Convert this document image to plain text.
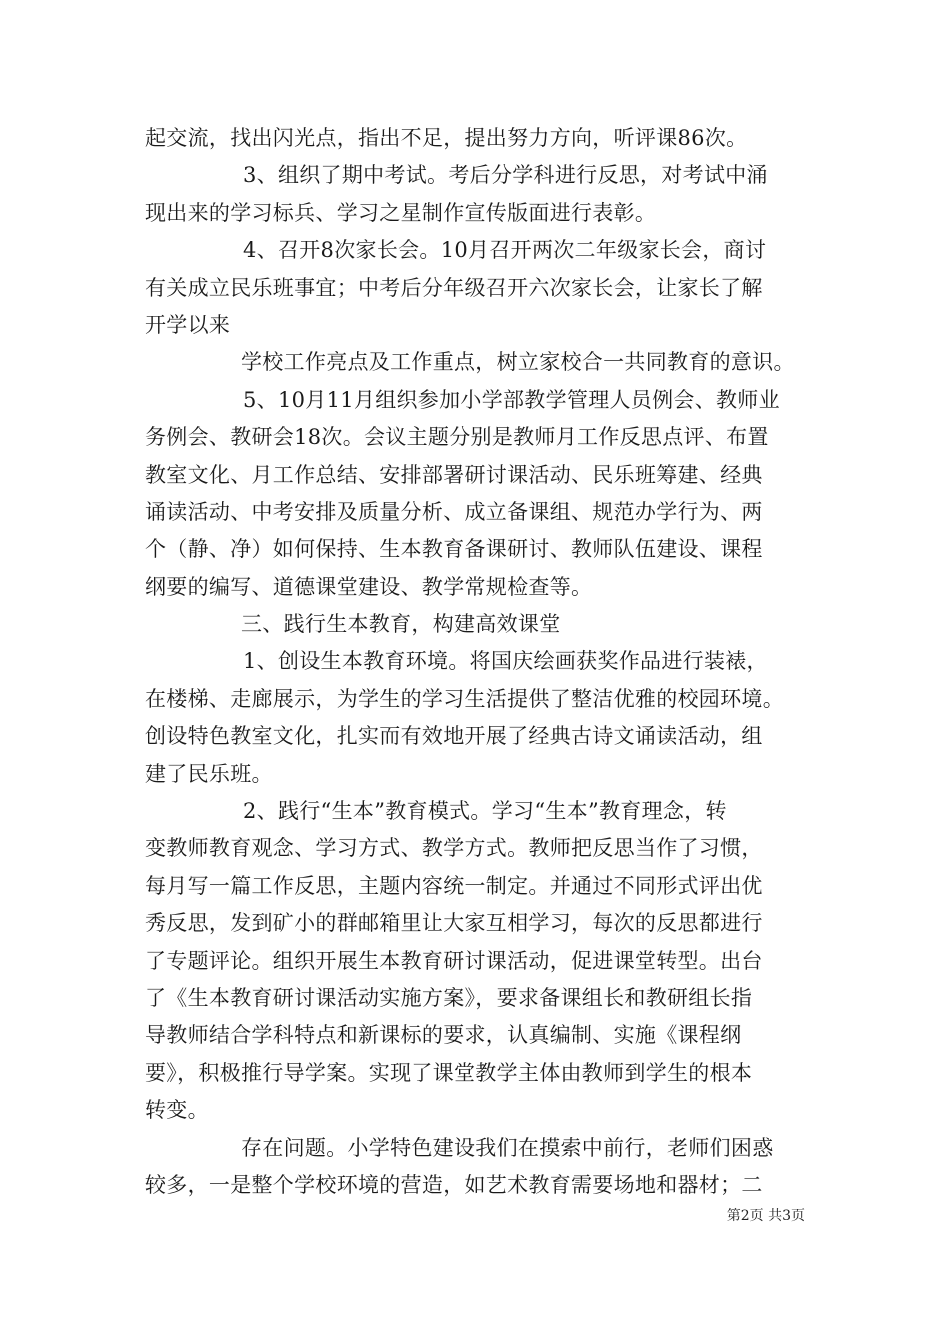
起交流，找出闪光点，指出不足，提出努力方向，听评课86次。
3、组织了期中考试。考后分学科进行反思，对考试中涌
现出来的学习标兵、学习之星制作宣传版面进行表彰。
4、召开8次家长会。10月召开两次二年级家长会，商讨
有关成立民乐班事宜；中考后分年级召开六次家长会，让家长了解
开学以来
学校工作亮点及工作重点，树立家校合一共同教育的意识。
5、10月11月组织参加小学部教学管理人员例会、教师业
务例会、教研会18次。会议主题分别是教师月工作反思点评、布置
教室文化、月工作总结、安排部署研讨课活动、民乐班筹建、经典
诵读活动、中考安排及质量分析、成立备课组、规范办学行为、两
个（静、净）如何保持、生本教育备课研讨、教师队伍建设、课程
纲要的编写、道德课堂建设、教学常规检查等。
三、践行生本教育，构建高效课堂
1、创设生本教育环境。将国庆绘画获奖作品进行装裱，
在楼梯、走廊展示，为学生的学习生活提供了整洁优雅的校园环境。
创设特色教室文化，扎实而有效地开展了经典古诗文诵读活动，组
建了民乐班。
2、践行“生本”教育模式。学习“生本”教育理念，转
变教师教育观念、学习方式、教学方式。教师把反思当作了习惯，
每月写一篇工作反思，主题内容统一制定。并通过不同形式评出优
秀反思，发到矿小的群邮箱里让大家互相学习，每次的反思都进行
了专题评论。组织开展生本教育研讨课活动，促进课堂转型。出台
了《生本教育研讨课活动实施方案》，要求备课组长和教研组长指
导教师结合学科特点和新课标的要求，认真编制、实施《课程纲
要》，积极推行导学案。实现了课堂教学主体由教师到学生的根本
转变。
存在问题。小学特色建设我们在摸索中前行，老师们困惑
较多，一是整个学校环境的营造，如艺术教育需要场地和器材；二
第2页 共3页
